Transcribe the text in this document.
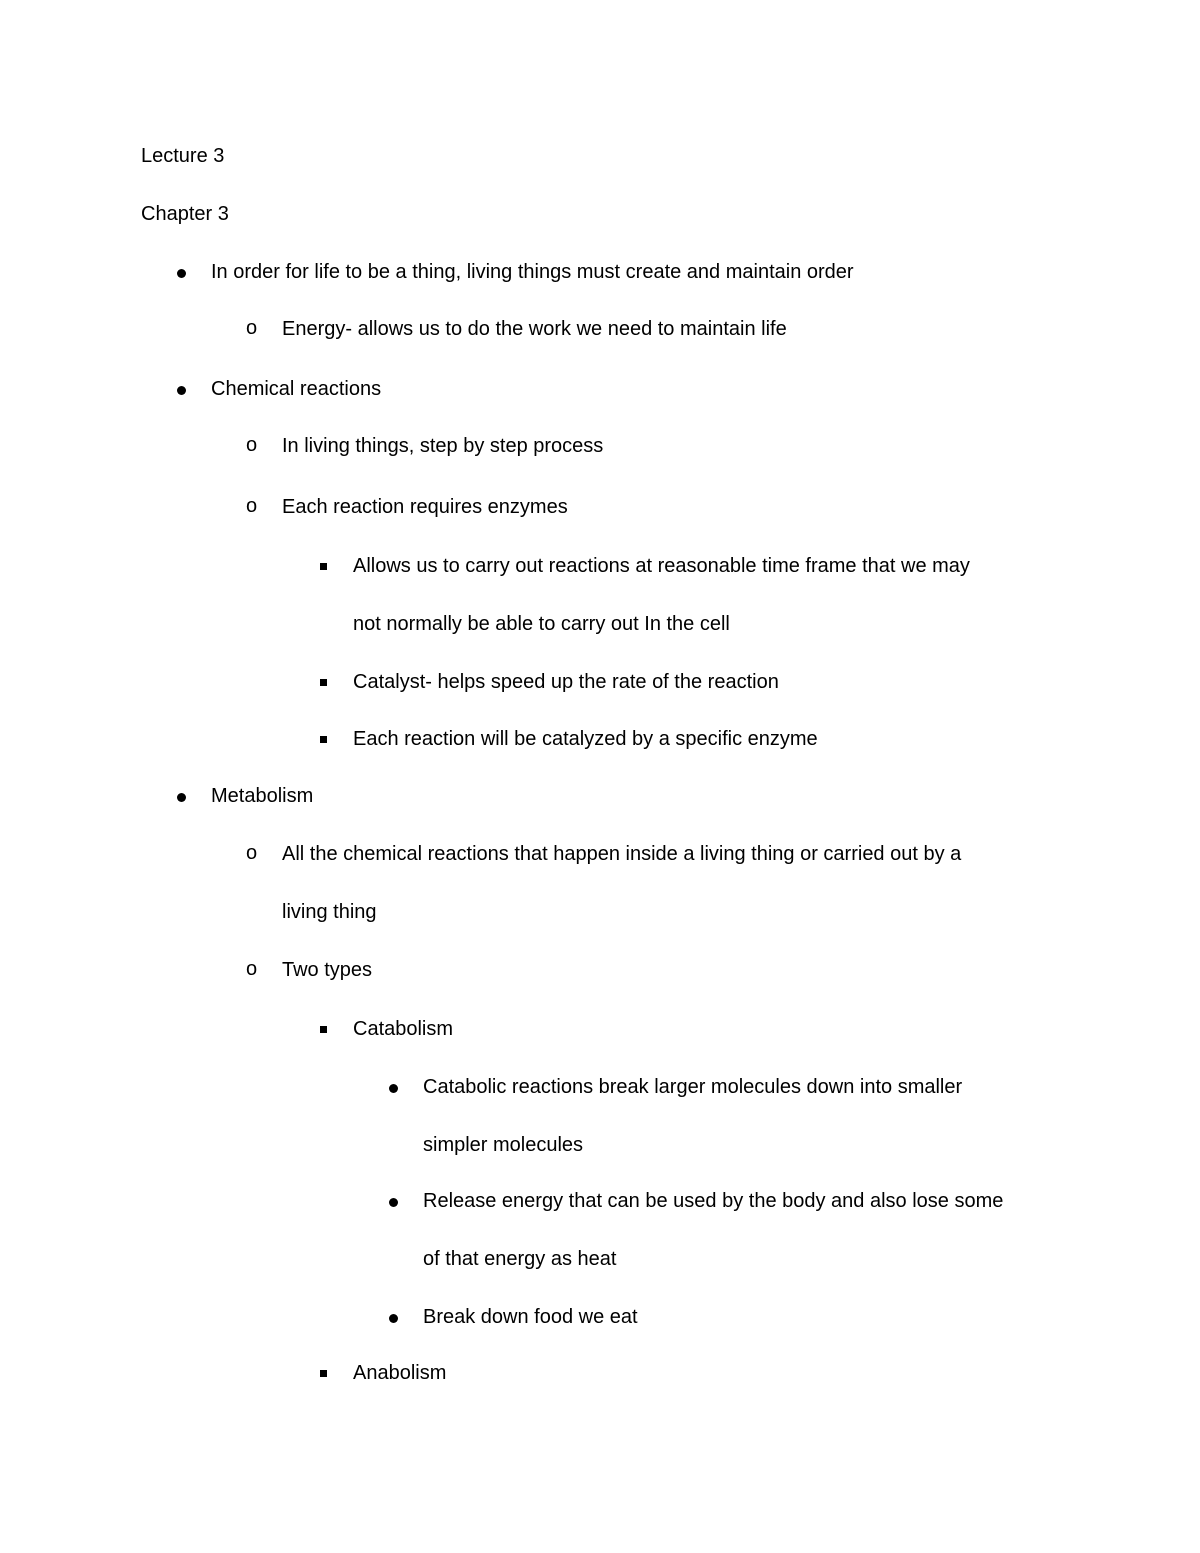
Lecture 3
Chapter 3
In order for life to be a thing, living things must create and maintain order
o Energy- allows us to do the work we need to maintain life
Chemical reactions
o In living things, step by step process
o Each reaction requires enzymes
Allows us to carry out reactions at reasonable time frame that we may
not normally be able to carry out In the cell
Catalyst- helps speed up the rate of the reaction
Each reaction will be catalyzed by a specific enzyme
Metabolism
o All the chemical reactions that happen inside a living thing or carried out by a
living thing
o Two types
Catabolism
Catabolic reactions break larger molecules down into smaller
simpler molecules
Release energy that can be used by the body and also lose some
of that energy as heat
Break down food we eat
Anabolism
